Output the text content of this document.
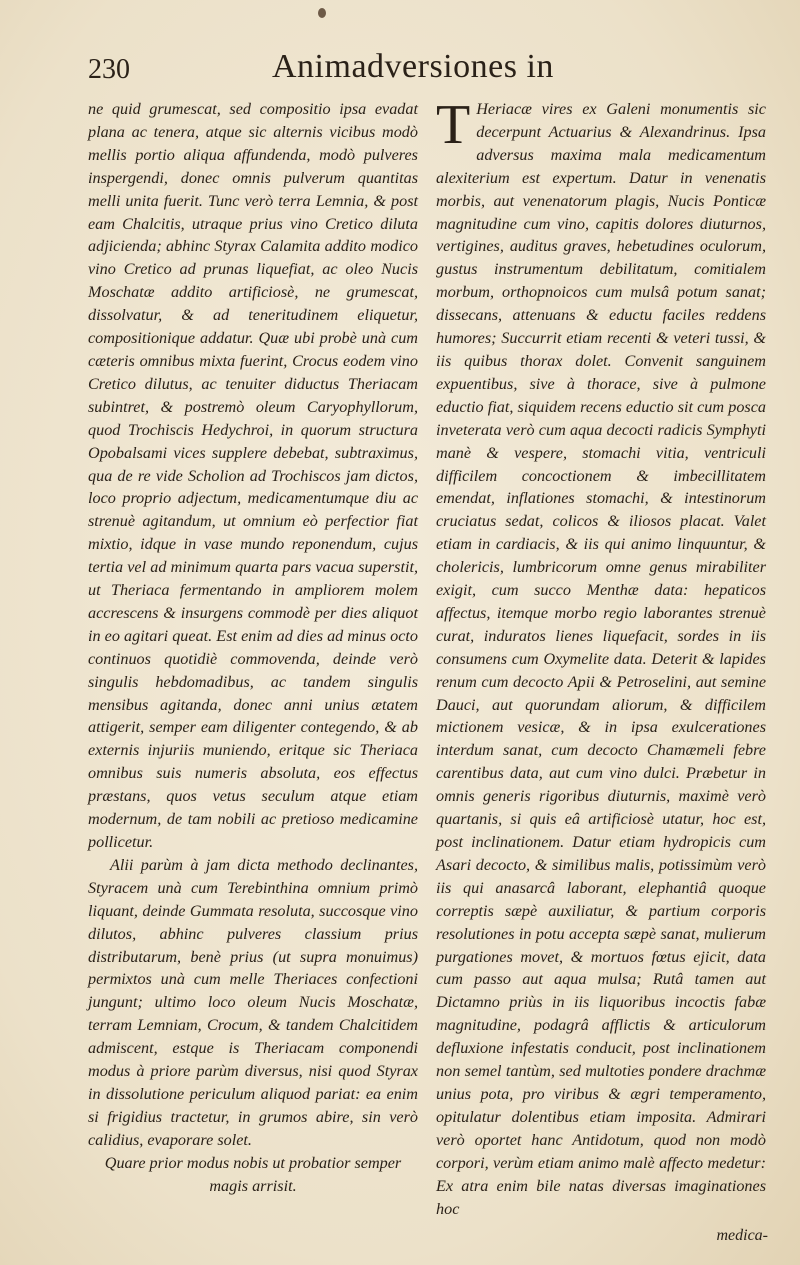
230	Animadversiones in

ne quid grumescat, sed compositio ipsa evadat plana ac tenera, atque sic alternis vicibus modò mellis portio aliqua affundenda, modò pulveres inspergendi, donec omnis pulverum quantitas melli unita fuerit. Tunc verò terra Lemnia, & post eam Chalcitis, utraque prius vino Cretico diluta adjicienda; abhinc Styrax Calamita addito modico vino Cretico ad prunas liquefiat, ac oleo Nucis Moschatæ addito artificiosè, ne grumescat, dissolvatur, & ad teneritudinem eliquetur, compositionique addatur. Quæ ubi probè unà cum cæteris omnibus mixta fuerint, Crocus eodem vino Cretico dilutus, ac tenuiter diductus Theriacam subintret, & postremò oleum Caryophyllorum, quod Trochiscis Hedychroi, in quorum structura Opobalsami vices supplere debebat, subtraximus, qua de re vide Scholion ad Trochiscos jam dictos, loco proprio adjectum, medicamentumque diu ac strenuè agitandum, ut omnium eò perfectior fiat mixtio, idque in vase mundo reponendum, cujus tertia vel ad minimum quarta pars vacua superstit, ut Theriaca fermentando in ampliorem molem accrescens & insurgens commodè per dies aliquot in eo agitari queat. Est enim ad dies ad minus octo continuos quotidiè commovenda, deinde verò singulis hebdomadibus, ac tandem singulis mensibus agitanda, donec anni unius ætatem attigerit, semper eam diligenter contegendo, & ab externis injuriis muniendo, eritque sic Theriaca omnibus suis numeris absoluta, eos effectus præstans, quos vetus seculum atque etiam modernum, de tam nobili ac pretioso medicamine pollicetur.

Alii parùm à jam dicta methodo declinantes, Styracem unà cum Terebinthina omnium primò liquant, deinde Gummata resoluta, succosque vino dilutos, abhinc pulveres classium prius distributarum, benè prius (ut supra monuimus) permixtos unà cum melle Theriaces confectioni jungunt; ultimo loco oleum Nucis Moschatæ, terram Lemniam, Crocum, & tandem Chalcitidem admiscent, estque is Theriacam componendi modus à priore parùm diversus, nisi quod Styrax in dissolutione periculum aliquod pariat: ea enim si frigidius tractetur, in grumos abire, sin verò calidius, evaporare solet.

Quare prior modus nobis ut probatior semper magis arrisit.

T Heriacæ vires ex Galeni monumentis sic decerpunt Actuarius & Alexandrinus. Ipsa adversus maxima mala medicamentum alexiterium est expertum. Datur in venenatis morbis, aut venenatorum plagis, Nucis Ponticæ magnitudine cum vino, capitis dolores diuturnos, vertigines, auditus graves, hebetudines oculorum, gustus instrumentum debilitatum, comitialem morbum, orthopnoicos cum mulsâ potum sanat; dissecans, attenuans & eductu faciles reddens humores; Succurrit etiam recenti & veteri tussi, & iis quibus thorax dolet. Convenit sanguinem expuentibus, sive à thorace, sive à pulmone eductio fiat, siquidem recens eductio sit cum posca inveterata verò cum aqua decocti radicis Symphyti manè & vespere, stomachi vitia, ventriculi difficilem concoctionem & imbecillitatem emendat, inflationes stomachi, & intestinorum cruciatus sedat, colicos & iliosos placat. Valet etiam in cardiacis, & iis qui animo linquuntur, & cholericis, lumbricorum omne genus mirabiliter exigit, cum succo Menthæ data: hepaticos affectus, itemque morbo regio laborantes strenuè curat, induratos lienes liquefacit, sordes in iis consumens cum Oxymelite data. Deterit & lapides renum cum decocto Apii & Petroselini, aut semine Dauci, aut quorundam aliorum, & difficilem mictionem vesicæ, & in ipsa exulcerationes interdum sanat, cum decocto Chamæmeli febre carentibus data, aut cum vino dulci. Præbetur in omnis generis rigoribus diuturnis, maximè verò quartanis, si quis eâ artificiosè utatur, hoc est, post inclinationem. Datur etiam hydropicis cum Asari decocto, & similibus malis, potissimùm verò iis qui anasarcâ laborant, elephantiâ quoque correptis sæpè auxiliatur, & partium corporis resolutiones in potu accepta sæpè sanat, mulierum purgationes movet, & mortuos fœtus ejicit, data cum passo aut aqua mulsa; Rutâ tamen aut Dictamno priùs in iis liquoribus incoctis fabæ magnitudine, podagrâ afflictis & articulorum defluxione infestatis conducit, post inclinationem non semel tantùm, sed multoties pondere drachmæ unius pota, pro viribus & ægri temperamento, opitulatur dolentibus etiam imposita. Admirari verò oportet hanc Antidotum, quod non modò corpori, verùm etiam animo malè affecto medetur: Ex atra enim bile natas diversas imaginationes hoc

medica-
